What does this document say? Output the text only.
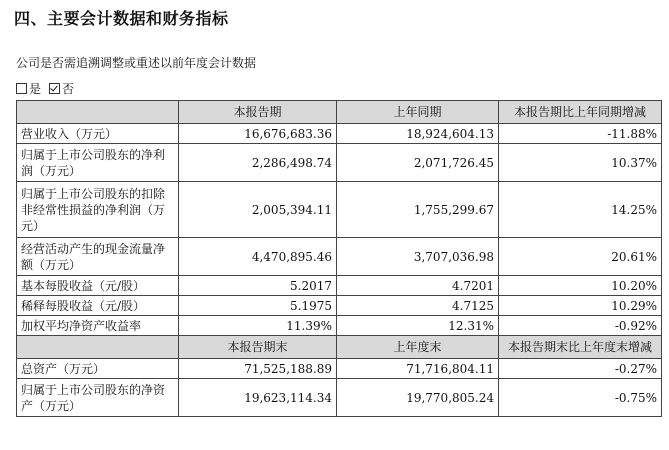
四、主要会计数据和财务指标
公司是否需追溯调整或重述以前年度会计数据
是 否
	本报告期	上年同期	本报告期比上年同期增减
营业收入（万元）	16,676,683.36	18,924,604.13	-11.88%
归属于上市公司股东的净利润（万元）	2,286,498.74	2,071,726.45	10.37%
归属于上市公司股东的扣除非经常性损益的净利润（万元）	2,005,394.11	1,755,299.67	14.25%
经营活动产生的现金流量净额（万元）	4,470,895.46	3,707,036.98	20.61%
基本每股收益（元/股）	5.2017	4.7201	10.20%
稀释每股收益（元/股）	5.1975	4.7125	10.29%
加权平均净资产收益率	11.39%	12.31%	-0.92%
	本报告期末	上年度末	本报告期末比上年度末增减
总资产（万元）	71,525,188.89	71,716,804.11	-0.27%
归属于上市公司股东的净资产（万元）	19,623,114.34	19,770,805.24	-0.75%
